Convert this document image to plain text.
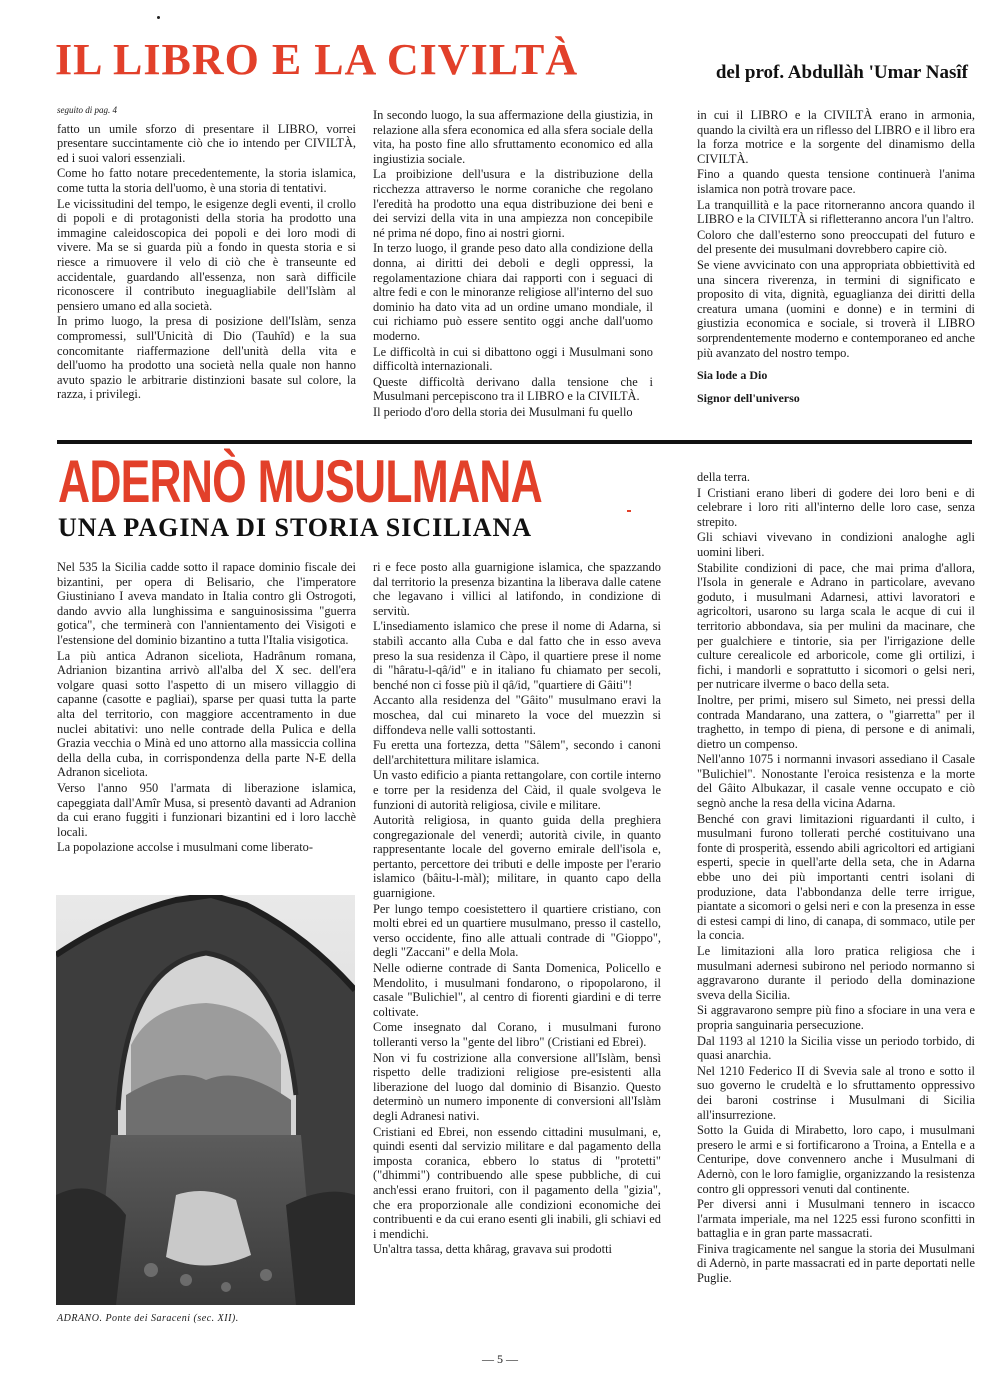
IL LIBRO E LA CIVILTÀ	del prof. Abdullàh 'Umar Nasîf

seguito di pag. 4

fatto un umile sforzo di presentare il LIBRO, vorrei presentare succintamente ciò che io intendo per CIVILTÀ, ed i suoi valori essenziali.

Come ho fatto notare precedentemente, la storia islamica, come tutta la storia dell'uomo, è una storia di tentativi.

Le vicissitudini del tempo, le esigenze degli eventi, il crollo di popoli e di protagonisti della storia ha prodotto una immagine caleidoscopica dei popoli e dei loro modi di vivere. Ma se si guarda più a fondo in questa storia e si riesce a rimuovere il velo di ciò che è transeunte ed accidentale, guardando all'essenza, non sarà difficile riconoscere il contributo ineguagliabile dell'Islàm al pensiero umano ed alla società.

In primo luogo, la presa di posizione dell'Islàm, senza compromessi, sull'Unicità di Dio (Tauhîd) e la sua concomitante riaffermazione dell'unità della vita e dell'uomo ha prodotto una società nella quale non hanno avuto spazio le arbitrarie distinzioni basate sul colore, la razza, i privilegi.

In secondo luogo, la sua affermazione della giustizia, in relazione alla sfera economica ed alla sfera sociale della vita, ha posto fine allo sfruttamento economico ed alla ingiustizia sociale.

La proibizione dell'usura e la distribuzione della ricchezza attraverso le norme coraniche che regolano l'eredità ha prodotto una equa distribuzione dei beni e dei servizi della vita in una ampiezza non concepibile né prima né dopo, fino ai nostri giorni.

In terzo luogo, il grande peso dato alla condizione della donna, ai diritti dei deboli e degli oppressi, la regolamentazione chiara dai rapporti con i seguaci di altre fedi e con le minoranze religiose all'interno del suo dominio ha dato vita ad un ordine umano mondiale, il cui richiamo può essere sentito oggi anche dall'uomo moderno.

Le difficoltà in cui si dibattono oggi i Musulmani sono difficoltà internazionali.

Queste difficoltà derivano dalla tensione che i Musulmani percepiscono tra il LIBRO e la CIVILTÀ.

Il periodo d'oro della storia dei Musulmani fu quello

in cui il LIBRO e la CIVILTÀ erano in armonia, quando la civiltà era un riflesso del LIBRO e il libro era la forza motrice e la sorgente del dinamismo della CIVILTÀ.

Fino a quando questa tensione continuerà l'anima islamica non potrà trovare pace.

La tranquillità e la pace ritorneranno ancora quando il LIBRO e la CIVILTÀ si rifletteranno ancora l'un l'altro.

Coloro che dall'esterno sono preoccupati del futuro e del presente dei musulmani dovrebbero capire ciò.

Se viene avvicinato con una appropriata obbiettività ed una sincera riverenza, in termini di significato e proposito di vita, dignità, eguaglianza dei diritti della creatura umana (uomini e donne) e in termini di giustizia economica e sociale, si troverà il LIBRO sorprendentemente moderno e contemporaneo ed anche più avanzato del nostro tempo.

Sia lode a Dio

Signor dell'universo

ADERNÒ MUSULMANA
UNA PAGINA DI STORIA SICILIANA

Nel 535 la Sicilia cadde sotto il rapace dominio fiscale dei bizantini, per opera di Belisario, che l'imperatore Giustiniano I aveva mandato in Italia contro gli Ostrogoti, dando avvio alla lunghissima e sanguinosissima "guerra gotica", che terminerà con l'annientamento dei Visigoti e l'estensione del dominio bizantino a tutta l'Italia visigotica.

La più antica Adranon siceliota, Hadrânum romana, Adrianion bizantina arrivò all'alba del X sec. dell'era volgare quasi sotto l'aspetto di un misero villaggio di capanne (casotte e pagliai), sparse per quasi tutta la parte alta del territorio, con maggiore accentramento in due nuclei abitativi: uno nelle contrade della Pulica e della Grazia vecchia o Minà ed uno attorno alla massiccia collina della della cuba, in corrispondenza della parte N-E della Adranon siceliota.

Verso l'anno 950 l'armata di liberazione islamica, capeggiata dall'Amîr Musa, si presentò davanti ad Adranion da cui erano fuggiti i funzionari bizantini ed i loro lacchè locali.

La popolazione accolse i musulmani come liberato-

ADRANO. Ponte dei Saraceni (sec. XII).

ri e fece posto alla guarnigione islamica, che spazzando dal territorio la presenza bizantina la liberava dalle catene che legavano i villici al latifondo, in condizione di servitù.

L'insediamento islamico che prese il nome di Adarna, si stabilì accanto alla Cuba e dal fatto che in esso aveva preso la sua residenza il Càpo, il quartiere prese il nome di "hâratu-l-qâ/id" e in italiano fu chiamato per secoli, benché non ci fosse più il qâ/id, "quartiere di Gâiti"!

Accanto alla residenza del "Gâito" musulmano eravi la moschea, dal cui minareto la voce del muezzìn si diffondeva nelle valli sottostanti.

Fu eretta una fortezza, detta "Sâlem", secondo i canoni dell'architettura militare islamica.

Un vasto edificio a pianta rettangolare, con cortile interno e torre per la residenza del Càid, il quale svolgeva le funzioni di autorità religiosa, civile e militare.

Autorità religiosa, in quanto guida della preghiera congregazionale del venerdì; autorità civile, in quanto rappresentante locale del governo emirale dell'isola e, pertanto, percettore dei tributi e delle imposte per l'erario islamico (bâitu-l-màl); militare, in quanto capo della guarnigione.

Per lungo tempo coesistettero il quartiere cristiano, con molti ebrei ed un quartiere musulmano, presso il castello, verso occidente, fino alle attuali contrade di "Gioppo", degli "Zaccani" e della Mola.

Nelle odierne contrade di Santa Domenica, Policello e Mendolito, i musulmani fondarono, o ripopolarono, il casale "Bulichiel", al centro di fiorenti giardini e di terre coltivate.

Come insegnato dal Corano, i musulmani furono tolleranti verso la "gente del libro" (Cristiani ed Ebrei).

Non vi fu costrizione alla conversione all'Islàm, bensì rispetto delle tradizioni religiose pre-esistenti alla liberazione del luogo dal dominio di Bisanzio. Questo determinò un numero imponente di conversioni all'Islàm degli Adranesi nativi.

Cristiani ed Ebrei, non essendo cittadini musulmani, e, quindi esenti dal servizio militare e dal pagamento della imposta coranica, ebbero lo status di "protetti" ("dhimmi") contribuendo alle spese pubbliche, di cui anch'essi erano fruitori, con il pagamento della "gizia", che era proporzionale alle condizioni economiche dei contribuenti e da cui erano esenti gli inabili, gli schiavi ed i mendichi.

Un'altra tassa, detta khârag, gravava sui prodotti

della terra.

I Cristiani erano liberi di godere dei loro beni e di celebrare i loro riti all'interno delle loro case, senza strepito.

Gli schiavi vivevano in condizioni analoghe agli uomini liberi.

Stabilite condizioni di pace, che mai prima d'allora, l'Isola in generale e Adrano in particolare, avevano goduto, i musulmani Adarnesi, attivi lavoratori e agricoltori, usarono su larga scala le acque di cui il territorio abbondava, sia per mulini da macinare, che per gualchiere e tintorie, sia per l'irrigazione delle culture cerealicole ed arboricole, come gli ortilizi, i fichi, i mandorli e soprattutto i sicomori o gelsi neri, per nutricare ilverme o baco della seta.

Inoltre, per primi, misero sul Simeto, nei pressi della contrada Mandarano, una zattera, o "giarretta" per il traghetto, in tempo di piena, di persone e di animali, dietro un compenso.

Nell'anno 1075 i normanni invasori assediano il Casale "Bulichiel". Nonostante l'eroica resistenza e la morte del Gâito Albukazar, il casale venne occupato e ciò segnò anche la resa della vicina Adarna.

Benché con gravi limitazioni riguardanti il culto, i musulmani furono tollerati perché costituivano una fonte di prosperità, essendo abili agricoltori ed artigiani esperti, specie in quell'arte della seta, che in Adarna ebbe uno dei più importanti centri isolani di produzione, data l'abbondanza delle terre irrigue, piantate a sicomori o gelsi neri e con la presenza in esse di estesi campi di lino, di canapa, di sommaco, utile per la concia.

Le limitazioni alla loro pratica religiosa che i musulmani adernesi subirono nel periodo normanno si aggravarono durante il periodo della dominazione sveva della Sicilia.

Si aggravarono sempre più fino a sfociare in una vera e propria sanguinaria persecuzione.

Dal 1193 al 1210 la Sicilia visse un periodo torbido, di quasi anarchia.

Nel 1210 Federico II di Svevia sale al trono e sotto il suo governo le crudeltà e lo sfruttamento oppressivo dei baroni costrinse i Musulmani di Sicilia all'insurrezione.

Sotto la Guida di Mirabetto, loro capo, i musulmani presero le armi e si fortificarono a Troina, a Entella e a Centuripe, dove convennero anche i Musulmani di Adernò, con le loro famiglie, organizzando la resistenza contro gli oppressori venuti dal continente.

Per diversi anni i Musulmani tennero in iscacco l'armata imperiale, ma nel 1225 essi furono sconfitti in battaglia e in gran parte massacrati.

Finiva tragicamente nel sangue la storia dei Musulmani di Adernò, in parte massacrati ed in parte deportati nelle Puglie.

— 5 —
